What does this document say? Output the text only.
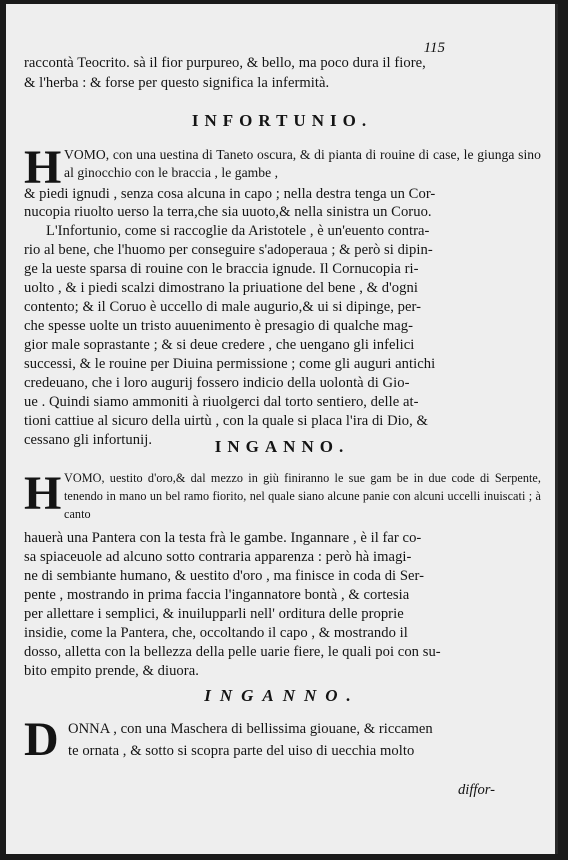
115
raccontà Teocrito. sà il fior purpureo, & bello, ma poco dura il fiore,
& l'herba : & forse per questo significa la infermità.
INFORTUNIO.
H VOMO, con una uestina di Taneto oscura, & di pianta di rouine di case, le giunga sino al ginocchio con le braccia , le gambe ,
& piedi ignudi , senza cosa alcuna in capo ; nella destra tenga un Cor-
nucopia riuolto uerso la terra,che sia uuoto,& nella sinistra un Coruo.
L'Infortunio, come si raccoglie da Aristotele , è un'euento contra-
rio al bene, che l'huomo per conseguire s'adoperaua ; & però si dipin-
ge la ueste sparsa di rouine con le braccia ignude. Il Cornucopia ri-
uolto , & i piedi scalzi dimostrano la priuatione del bene , & d'ogni
contento; & il Coruo è uccello di male augurio,& ui si dipinge, per-
che spesse uolte un tristo auuenimento è presagio di qualche mag-
gior male soprastante ; & si deue credere , che uengano gli infelici
successi, & le rouine per Diuina permissione ; come gli auguri antichi
credeuano, che i loro augurij fossero indicio della uolontà di Gio-
ue . Quindi siamo ammoniti à riuolgerci dal torto sentiero, delle at-
tioni cattiue al sicuro della uirtù , con la quale si placa l'ira di Dio, &
cessano gli infortunij.	INGANNO.
H VOMO, uestito d'oro,& dal mezzo in giù finiranno le sue gam be in due code di Serpente, tenendo in mano un bel ramo fiorito, nel quale siano alcune panie con alcuni uccelli inuiscati ; à canto
hauerà una Pantera con la testa frà le gambe. Ingannare , è il far co-
sa spiaceuole ad alcuno sotto contraria apparenza : però hà imagi-
ne di sembiante humano, & uestito d'oro , ma finisce in coda di Ser-
pente , mostrando in prima faccia l'ingannatore bontà , & cortesia
per allettare i semplici, & inuilupparli nell' orditura delle proprie
insidie, come la Pantera, che, occoltando il capo , & mostrando il
dosso, alletta con la bellezza della pelle uarie fiere, le quali poi con su-
bito empito prende, & diuora.
INGANNO.
D ONNA , con una Maschera di bellissima giouane, & riccamen
te ornata , & sotto si scopra parte del uiso di uecchia molto
diffor-
